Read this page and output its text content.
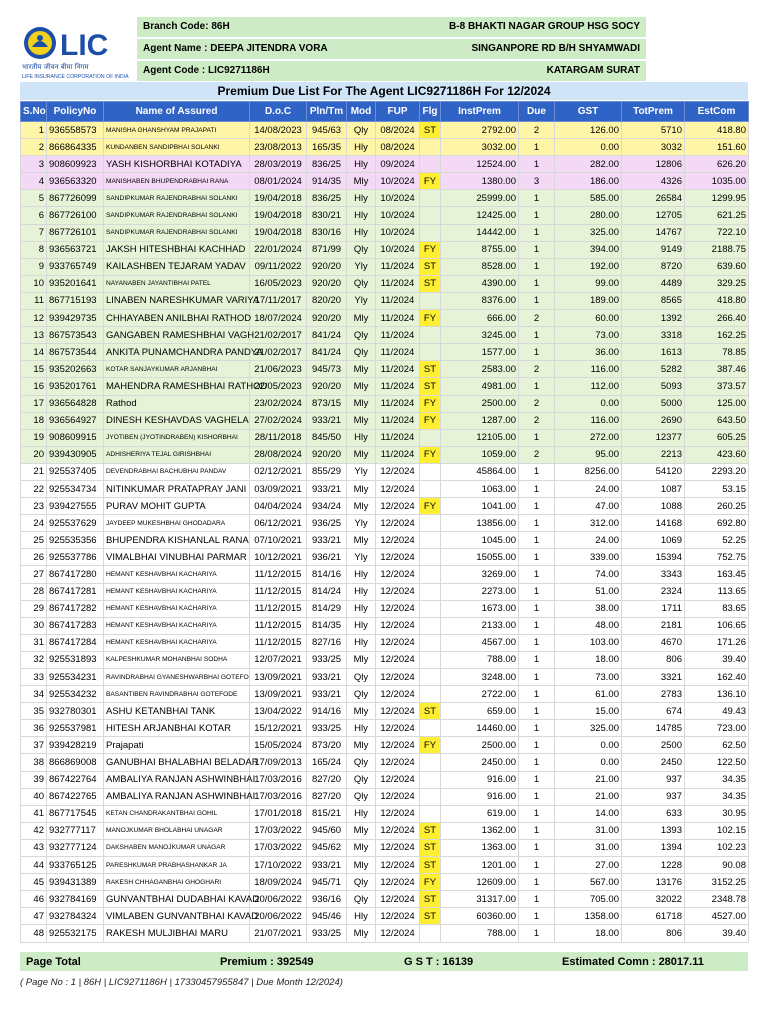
LIC
भारतीय जीवन बीमा निगम
LIFE INSURANCE CORPORATION OF INDIA
Branch Code: 86H	B-8 BHAKTI NAGAR GROUP HSG SOCY
Agent Name : DEEPA JITENDRA VORA	SINGANPORE RD B/H SHYAMWADI
Agent Code : LIC9271186H	KATARGAM SURAT
Premium Due List For The Agent LIC9271186H For 12/2024
S.No	PolicyNo	Name of Assured	D.o.C	Pln/Tm	Mod	FUP	Flg	InstPrem	Due	GST	TotPrem	EstCom
1	936558573	MANISHA GHANSHYAM PRAJAPATI	14/08/2023	945/63	Qly	08/2024	ST	2792.00	2	126.00	5710	418.80
2	866864335	KUNDANBEN SANDIPBHAI SOLANKI	23/08/2013	165/35	Hly	08/2024		3032.00	1	0.00	3032	151.60
3	908609923	YASH KISHORBHAI KOTADIYA	28/03/2019	836/25	Hly	09/2024		12524.00	1	282.00	12806	626.20
4	936563320	MANISHABEN BHUPENDRABHAI RANA	08/01/2024	914/35	Mly	10/2024	FY	1380.00	3	186.00	4326	1035.00
5	867726099	SANDIPKUMAR RAJENDRABHAI SOLANKI	19/04/2018	836/25	Hly	10/2024		25999.00	1	585.00	26584	1299.95
6	867726100	SANDIPKUMAR RAJENDRABHAI SOLANKI	19/04/2018	830/21	Hly	10/2024		12425.00	1	280.00	12705	621.25
7	867726101	SANDIPKUMAR RAJENDRABHAI SOLANKI	19/04/2018	830/16	Hly	10/2024		14442.00	1	325.00	14767	722.10
8	936563721	JAKSH HITESHBHAI KACHHAD	22/01/2024	871/99	Qly	10/2024	FY	8755.00	1	394.00	9149	2188.75
9	933765749	KAILASHBEN TEJARAM YADAV	09/11/2022	920/20	Yly	11/2024	ST	8528.00	1	192.00	8720	639.60
10	935201641	NAYANABEN JAYANTIBHAI PATEL	16/05/2023	920/20	Qly	11/2024	ST	4390.00	1	99.00	4489	329.25
11	867715193	LINABEN NARESHKUMAR VARIYA	17/11/2017	820/20	Yly	11/2024		8376.00	1	189.00	8565	418.80
12	939429735	CHHAYABEN ANILBHAI RATHOD	18/07/2024	920/20	Mly	11/2024	FY	666.00	2	60.00	1392	266.40
13	867573543	GANGABEN RAMESHBHAI VAGH	21/02/2017	841/24	Qly	11/2024		3245.00	1	73.00	3318	162.25
14	867573544	ANKITA PUNAMCHANDRA PANDYA	21/02/2017	841/24	Qly	11/2024		1577.00	1	36.00	1613	78.85
15	935202663	KOTAR SANJAYKUMAR ARJANBHAI	21/06/2023	945/73	Mly	11/2024	ST	2583.00	2	116.00	5282	387.46
16	935201761	MAHENDRA RAMESHBHAI RATHOD	22/05/2023	920/20	Mly	11/2024	ST	4981.00	1	112.00	5093	373.57
17	936564828	Rathod	23/02/2024	873/15	Mly	11/2024	FY	2500.00	2	0.00	5000	125.00
18	936564927	DINESH KESHAVDAS VAGHELA	27/02/2024	933/21	Mly	11/2024	FY	1287.00	2	116.00	2690	643.50
19	908609915	JYOTIBEN (JYOTINDRABEN) KISHORBHAI	28/11/2018	845/50	Hly	11/2024		12105.00	1	272.00	12377	605.25
20	939430905	ADHISHERIYA TEJAL GIRISHBHAI	28/08/2024	920/20	Mly	11/2024	FY	1059.00	2	95.00	2213	423.60
21	925537405	DEVENDRABHAI BACHUBHAI PANDAV	02/12/2021	855/29	Yly	12/2024		45864.00	1	8256.00	54120	2293.20
22	925534734	NITINKUMAR PRATAPRAY JANI	03/09/2021	933/21	Mly	12/2024		1063.00	1	24.00	1087	53.15
23	939427555	PURAV MOHIT GUPTA	04/04/2024	934/24	Mly	12/2024	FY	1041.00	1	47.00	1088	260.25
24	925537629	JAYDEEP MUKESHBHAI GHODADARA	06/12/2021	936/25	Yly	12/2024		13856.00	1	312.00	14168	692.80
25	925535356	BHUPENDRA KISHANLAL RANA	07/10/2021	933/21	Mly	12/2024		1045.00	1	24.00	1069	52.25
26	925537786	VIMALBHAI VINUBHAI PARMAR	10/12/2021	936/21	Yly	12/2024		15055.00	1	339.00	15394	752.75
27	867417280	HEMANT KESHAVBHAI KACHARIYA	11/12/2015	814/16	Hly	12/2024		3269.00	1	74.00	3343	163.45
28	867417281	HEMANT KESHAVBHAI KACHARIYA	11/12/2015	814/24	Hly	12/2024		2273.00	1	51.00	2324	113.65
29	867417282	HEMANT KESHAVBHAI KACHARIYA	11/12/2015	814/29	Hly	12/2024		1673.00	1	38.00	1711	83.65
30	867417283	HEMANT KESHAVBHAI KACHARIYA	11/12/2015	814/35	Hly	12/2024		2133.00	1	48.00	2181	106.65
31	867417284	HEMANT KESHAVBHAI KACHARIYA	11/12/2015	827/16	Hly	12/2024		4567.00	1	103.00	4670	171.26
32	925531893	KALPESHKUMAR MOHANBHAI SODHA	12/07/2021	933/25	Mly	12/2024		788.00	1	18.00	806	39.40
33	925534231	RAVINDRABHAI GYANESHWARBHAI GOTEFO	13/09/2021	933/21	Qly	12/2024		3248.00	1	73.00	3321	162.40
34	925534232	BASANTIBEN RAVINDRABHAI GOTEFODE	13/09/2021	933/21	Qly	12/2024		2722.00	1	61.00	2783	136.10
35	932780301	ASHU KETANBHAI TANK	13/04/2022	914/16	Mly	12/2024	ST	659.00	1	15.00	674	49.43
36	925537981	HITESH ARJANBHAI KOTAR	15/12/2021	933/25	Hly	12/2024		14460.00	1	325.00	14785	723.00
37	939428219	Prajapati	15/05/2024	873/20	Mly	12/2024	FY	2500.00	1	0.00	2500	62.50
38	866869008	GANUBHAI BHALABHAI BELADAR	17/09/2013	165/24	Qly	12/2024		2450.00	1	0.00	2450	122.50
39	867422764	AMBALIYA RANJAN ASHWINBHAI	17/03/2016	827/20	Qly	12/2024		916.00	1	21.00	937	34.35
40	867422765	AMBALIYA RANJAN ASHWINBHAI	17/03/2016	827/20	Qly	12/2024		916.00	1	21.00	937	34.35
41	867717545	KETAN CHANDRAKANTBHAI GOHIL	17/01/2018	815/21	Hly	12/2024		619.00	1	14.00	633	30.95
42	932777117	MANOJKUMAR BHOLABHAI UNAGAR	17/03/2022	945/60	Mly	12/2024	ST	1362.00	1	31.00	1393	102.15
43	932777124	DAKSHABEN MANOJKUMAR UNAGAR	17/03/2022	945/62	Mly	12/2024	ST	1363.00	1	31.00	1394	102.23
44	933765125	PARESHKUMAR PRABHASHANKAR JA	17/10/2022	933/21	Mly	12/2024	ST	1201.00	1	27.00	1228	90.08
45	939431389	RAKESH CHHAGANBHAI GHOGHARI	18/09/2024	945/71	Qly	12/2024	FY	12609.00	1	567.00	13176	3152.25
46	932784169	GUNVANTBHAI DUDABHAI KAVAD	20/06/2022	936/16	Qly	12/2024	ST	31317.00	1	705.00	32022	2348.78
47	932784324	VIMLABEN GUNVANTBHAI KAVAD	20/06/2022	945/46	Hly	12/2024	ST	60360.00	1	1358.00	61718	4527.00
48	925532175	RAKESH MULJIBHAI MARU	21/07/2021	933/25	Mly	12/2024		788.00	1	18.00	806	39.40
Page Total	Premium : 392549	G S T : 16139	Estimated Comn : 28017.11
( Page No : 1 | 86H | LIC9271186H | 17330457955847 | Due Month 12/2024)
